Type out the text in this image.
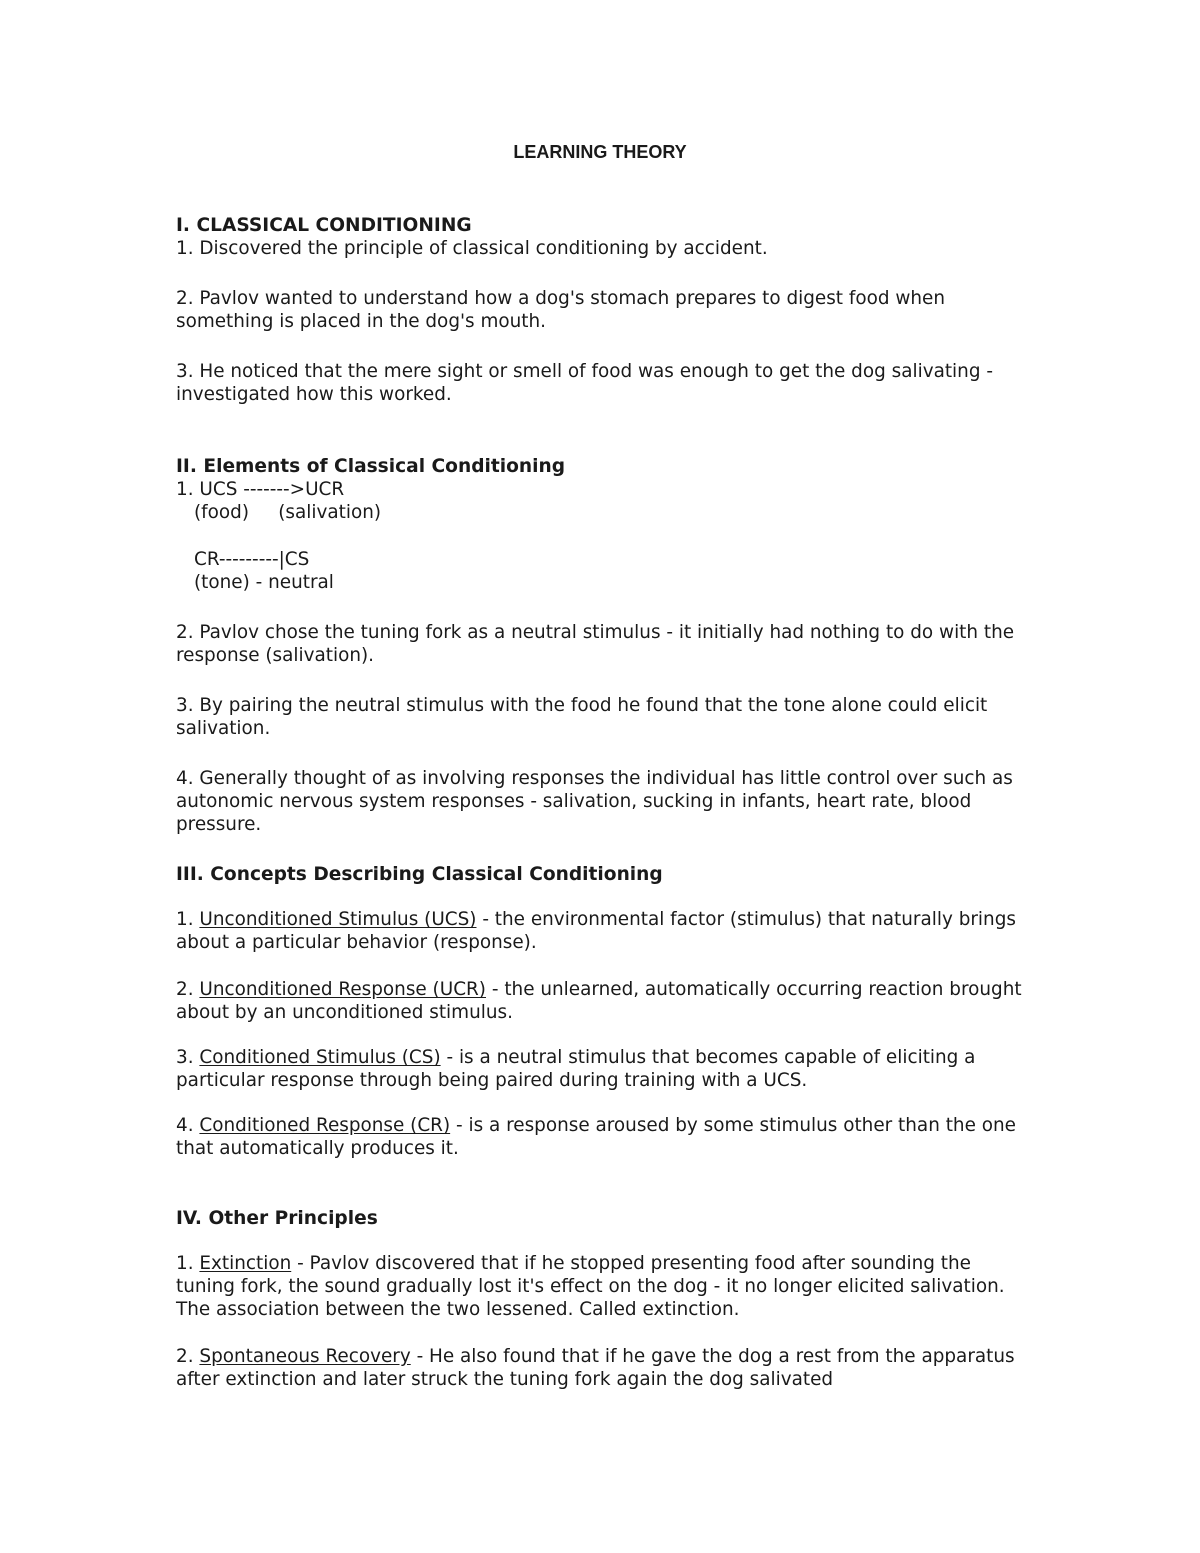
LEARNING THEORY

I. CLASSICAL CONDITIONING

1. Discovered the principle of classical conditioning by accident.

2. Pavlov wanted to understand how a dog's stomach prepares to digest food when something is placed in the dog's mouth.

3. He noticed that the mere sight or smell of food was enough to get the dog salivating - investigated how this worked.

II. Elements of Classical Conditioning

1. UCS ------->UCR

(food)     (salivation)

CR---------|CS

(tone) - neutral

2. Pavlov chose the tuning fork as a neutral stimulus - it initially had nothing to do with the response (salivation).

3. By pairing the neutral stimulus with the food he found that the tone alone could elicit salivation.

4. Generally thought of as involving responses the individual has little control over such as autonomic nervous system responses - salivation, sucking in infants, heart rate, blood pressure.

III. Concepts Describing Classical Conditioning

1. Unconditioned Stimulus (UCS) - the environmental factor (stimulus) that naturally brings about a particular behavior (response).

2. Unconditioned Response (UCR) - the unlearned, automatically occurring reaction brought about by an unconditioned stimulus.

3. Conditioned Stimulus (CS) - is a neutral stimulus that becomes capable of eliciting a particular response through being paired during training with a UCS.

4. Conditioned Response (CR) - is a response aroused by some stimulus other than the one that automatically produces it.

IV. Other Principles

1. Extinction - Pavlov discovered that if he stopped presenting food after sounding the tuning fork, the sound gradually lost it's effect on the dog - it no longer elicited salivation. The association between the two lessened. Called extinction.

2. Spontaneous Recovery - He also found that if he gave the dog a rest from the apparatus after extinction and later struck the tuning fork again the dog salivated
